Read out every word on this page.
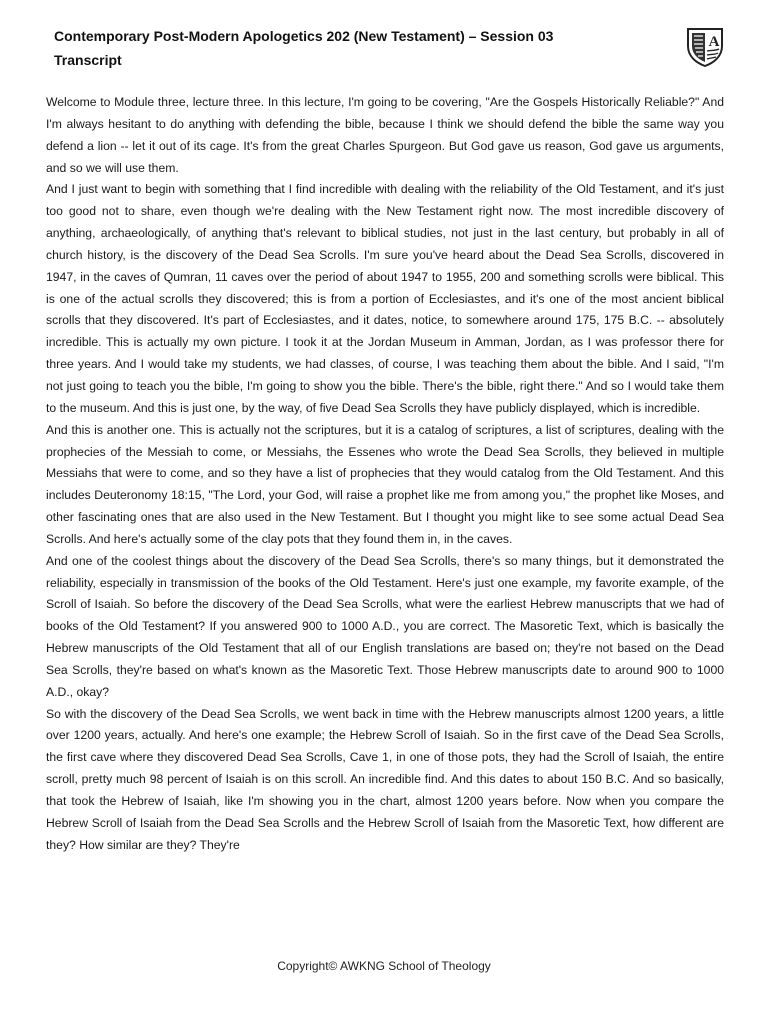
Contemporary Post-Modern Apologetics 202 (New Testament) – Session 03
Transcript
A

Welcome to Module three, lecture three. In this lecture, I'm going to be covering, "Are the Gospels Historically Reliable?" And I'm always hesitant to do anything with defending the bible, because I think we should defend the bible the same way you defend a lion -- let it out of its cage. It's from the great Charles Spurgeon. But God gave us reason, God gave us arguments, and so we will use them.

And I just want to begin with something that I find incredible with dealing with the reliability of the Old Testament, and it's just too good not to share, even though we're dealing with the New Testament right now. The most incredible discovery of anything, archaeologically, of anything that's relevant to biblical studies, not just in the last century, but probably in all of church history, is the discovery of the Dead Sea Scrolls. I'm sure you've heard about the Dead Sea Scrolls, discovered in 1947, in the caves of Qumran, 11 caves over the period of about 1947 to 1955, 200 and something scrolls were biblical. This is one of the actual scrolls they discovered; this is from a portion of Ecclesiastes, and it's one of the most ancient biblical scrolls that they discovered. It's part of Ecclesiastes, and it dates, notice, to somewhere around 175, 175 B.C. -- absolutely incredible. This is actually my own picture. I took it at the Jordan Museum in Amman, Jordan, as I was professor there for three years. And I would take my students, we had classes, of course, I was teaching them about the bible. And I said, "I'm not just going to teach you the bible, I'm going to show you the bible. There's the bible, right there." And so I would take them to the museum. And this is just one, by the way, of five Dead Sea Scrolls they have publicly displayed, which is incredible.

And this is another one. This is actually not the scriptures, but it is a catalog of scriptures, a list of scriptures, dealing with the prophecies of the Messiah to come, or Messiahs, the Essenes who wrote the Dead Sea Scrolls, they believed in multiple Messiahs that were to come, and so they have a list of prophecies that they would catalog from the Old Testament. And this includes Deuteronomy 18:15, "The Lord, your God, will raise a prophet like me from among you," the prophet like Moses, and other fascinating ones that are also used in the New Testament. But I thought you might like to see some actual Dead Sea Scrolls. And here's actually some of the clay pots that they found them in, in the caves.

And one of the coolest things about the discovery of the Dead Sea Scrolls, there's so many things, but it demonstrated the reliability, especially in transmission of the books of the Old Testament. Here's just one example, my favorite example, of the Scroll of Isaiah. So before the discovery of the Dead Sea Scrolls, what were the earliest Hebrew manuscripts that we had of books of the Old Testament? If you answered 900 to 1000 A.D., you are correct. The Masoretic Text, which is basically the Hebrew manuscripts of the Old Testament that all of our English translations are based on; they're not based on the Dead Sea Scrolls, they're based on what's known as the Masoretic Text. Those Hebrew manuscripts date to around 900 to 1000 A.D., okay?

So with the discovery of the Dead Sea Scrolls, we went back in time with the Hebrew manuscripts almost 1200 years, a little over 1200 years, actually. And here's one example; the Hebrew Scroll of Isaiah. So in the first cave of the Dead Sea Scrolls, the first cave where they discovered Dead Sea Scrolls, Cave 1, in one of those pots, they had the Scroll of Isaiah, the entire scroll, pretty much 98 percent of Isaiah is on this scroll. An incredible find. And this dates to about 150 B.C. And so basically, that took the Hebrew of Isaiah, like I'm showing you in the chart, almost 1200 years before. Now when you compare the Hebrew Scroll of Isaiah from the Dead Sea Scrolls and the Hebrew Scroll of Isaiah from the Masoretic Text, how different are they? How similar are they? They're

Copyright© AWKNG School of Theology
